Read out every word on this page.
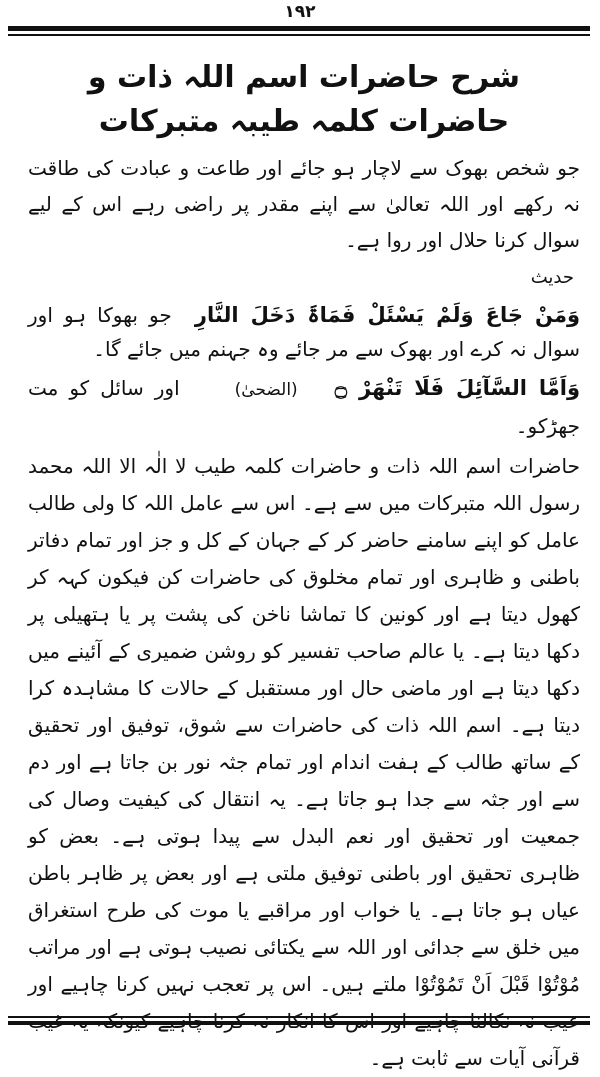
۱۹۲
شرح حاضرات اسم اللہ ذات و حاضرات کلمہ طیبہ متبرکات

جو شخص بھوک سے لاچار ہو جائے اور طاعت و عبادت کی طاقت نہ رکھے اور اللہ تعالیٰ سے اپنے مقدر پر راضی رہے اس کے لیے سوال کرنا حلال اور روا ہے۔

حدیث

وَمَنْ جَاعَ وَلَمْ یَسْئَلْ فَمَاۃَ دَخَلَ النَّارِ جو بھوکا ہو اور سوال نہ کرے اور بھوک سے مر جائے وہ جہنم میں جائے گا۔

وَاَمَّا السَّآئِلَ فَلَا تَنْهَرْ ۝ (الضحیٰ) اور سائل کو مت جھڑکو۔

حاضرات اسم اللہ ذات و حاضرات کلمہ طیب لا الٰہ الا اللہ محمد رسول اللہ متبرکات میں سے ہے۔ اس سے عامل اللہ کا ولی طالب عامل کو اپنے سامنے حاضر کر کے جہان کے کل و جز اور تمام دفاتر باطنی و ظاہری اور تمام مخلوق کی حاضرات کن فیکون کہہ کر کھول دیتا ہے اور کونین کا تماشا ناخن کی پشت پر یا ہتھیلی پر دکھا دیتا ہے۔ یا عالم صاحب تفسیر کو روشن ضمیری کے آئینے میں دکھا دیتا ہے اور ماضی حال اور مستقبل کے حالات کا مشاہدہ کرا دیتا ہے۔ اسم اللہ ذات کی حاضرات سے شوق، توفیق اور تحقیق کے ساتھ طالب کے ہفت اندام اور تمام جثہ نور بن جاتا ہے اور دم سے اور جثہ سے جدا ہو جاتا ہے۔ یہ انتقال کی کیفیت وصال کی جمعیت اور تحقیق اور نعم البدل سے پیدا ہوتی ہے۔ بعض کو ظاہری تحقیق اور باطنی توفیق ملتی ہے اور بعض پر ظاہر باطن عیاں ہو جاتا ہے۔ یا خواب اور مراقبے یا موت کی طرح استغراق میں خلق سے جدائی اور اللہ سے یکتائی نصیب ہوتی ہے اور مراتب مُوْتُوْا قَبْلَ اَنْ تَمُوْتُوْا ملتے ہیں۔ اس پر تعجب نہیں کرنا چاہیے اور قرآنی آیات سے ثابت ہے۔
